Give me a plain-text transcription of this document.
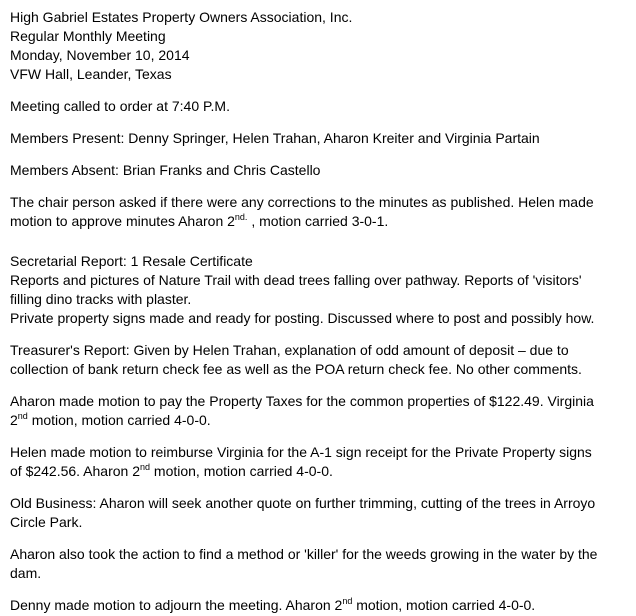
High Gabriel Estates Property Owners Association, Inc.
Regular Monthly Meeting
Monday, November 10, 2014
VFW Hall, Leander, Texas
Meeting called to order at 7:40 P.M.
Members Present: Denny Springer, Helen Trahan, Aharon Kreiter and Virginia Partain
Members Absent: Brian Franks and Chris Castello
The chair person asked if there were any corrections to the minutes as published. Helen made
motion to approve minutes Aharon $2^{nd.}$ , motion carried 3-0-1.
Secretarial Report: 1 Resale Certificate
Reports and pictures of Nature Trail with dead trees falling over pathway. Reports of 'visitors'
filling dino tracks with plaster.
Private property signs made and ready for posting. Discussed where to post and possibly how.
Treasurer's Report: Given by Helen Trahan, explanation of odd amount of deposit – due to
collection of bank return check fee as well as the POA return check fee. No other comments.
Aharon made motion to pay the Property Taxes for the common properties of $122.49. Virginia
2nd motion, motion carried 4-0-0.
Helen made motion to reimburse Virginia for the A-1 sign receipt for the Private Property signs
of $242.56. Aharon 2nd motion, motion carried 4-0-0.
Old Business: Aharon will seek another quote on further trimming, cutting of the trees in Arroyo
Circle Park.
Aharon also took the action to find a method or 'killer' for the weeds growing in the water by the
dam.
Denny made motion to adjourn the meeting. Aharon 2nd motion, motion carried 4-0-0.
